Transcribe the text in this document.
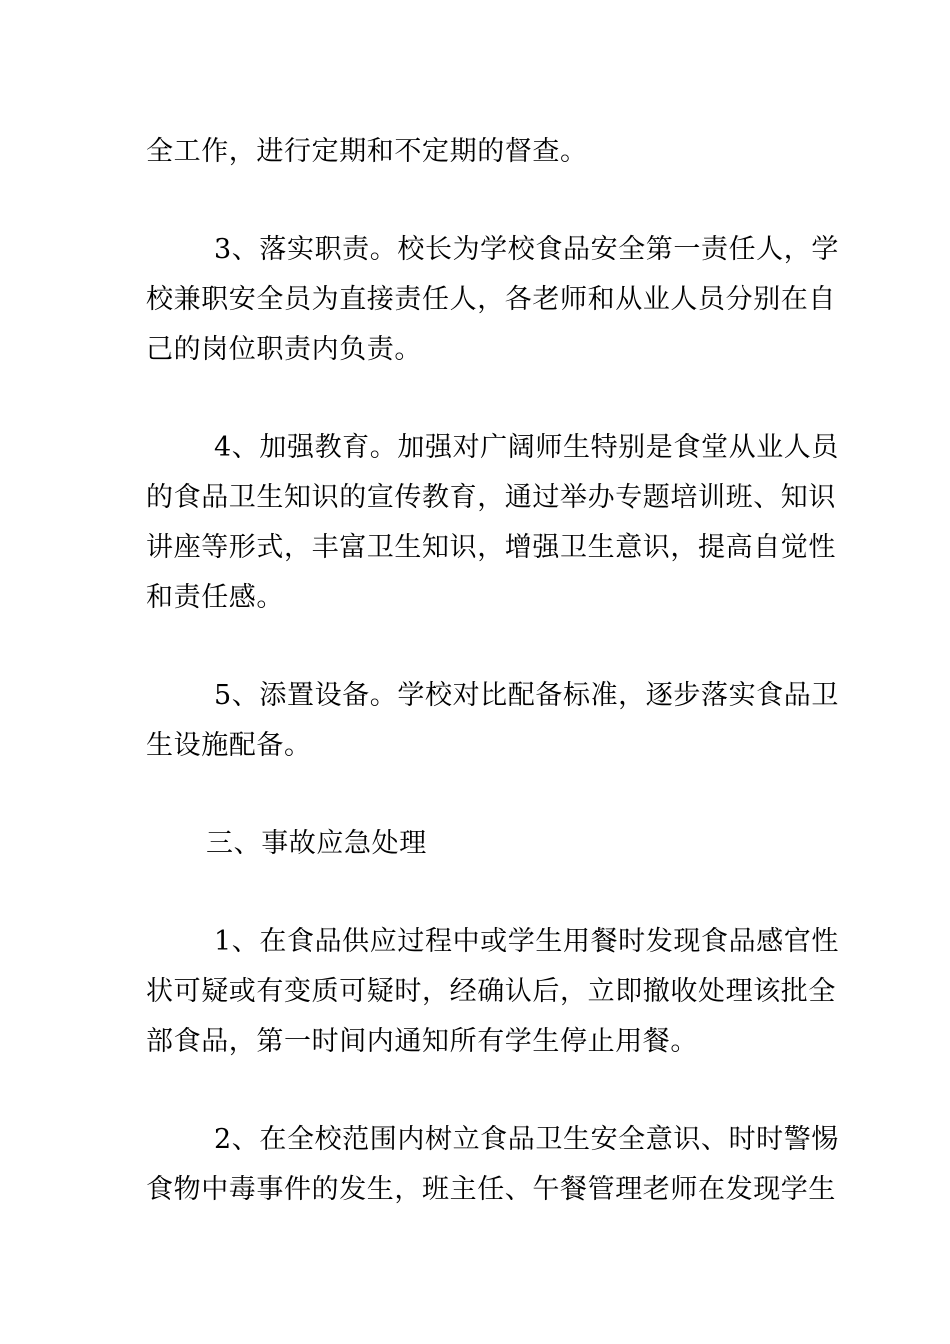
全工作，进行定期和不定期的督查。
3、落实职责。校长为学校食品安全第一责任人，学
校兼职安全员为直接责任人，各老师和从业人员分别在自
己的岗位职责内负责。
4、加强教育。加强对广阔师生特别是食堂从业人员
的食品卫生知识的宣传教育，通过举办专题培训班、知识
讲座等形式，丰富卫生知识，增强卫生意识，提高自觉性
和责任感。
5、添置设备。学校对比配备标准，逐步落实食品卫
生设施配备。
三、事故应急处理
1、在食品供应过程中或学生用餐时发现食品感官性
状可疑或有变质可疑时，经确认后，立即撤收处理该批全
部食品，第一时间内通知所有学生停止用餐。
2、在全校范围内树立食品卫生安全意识、时时警惕
食物中毒事件的发生，班主任、午餐管理老师在发现学生
